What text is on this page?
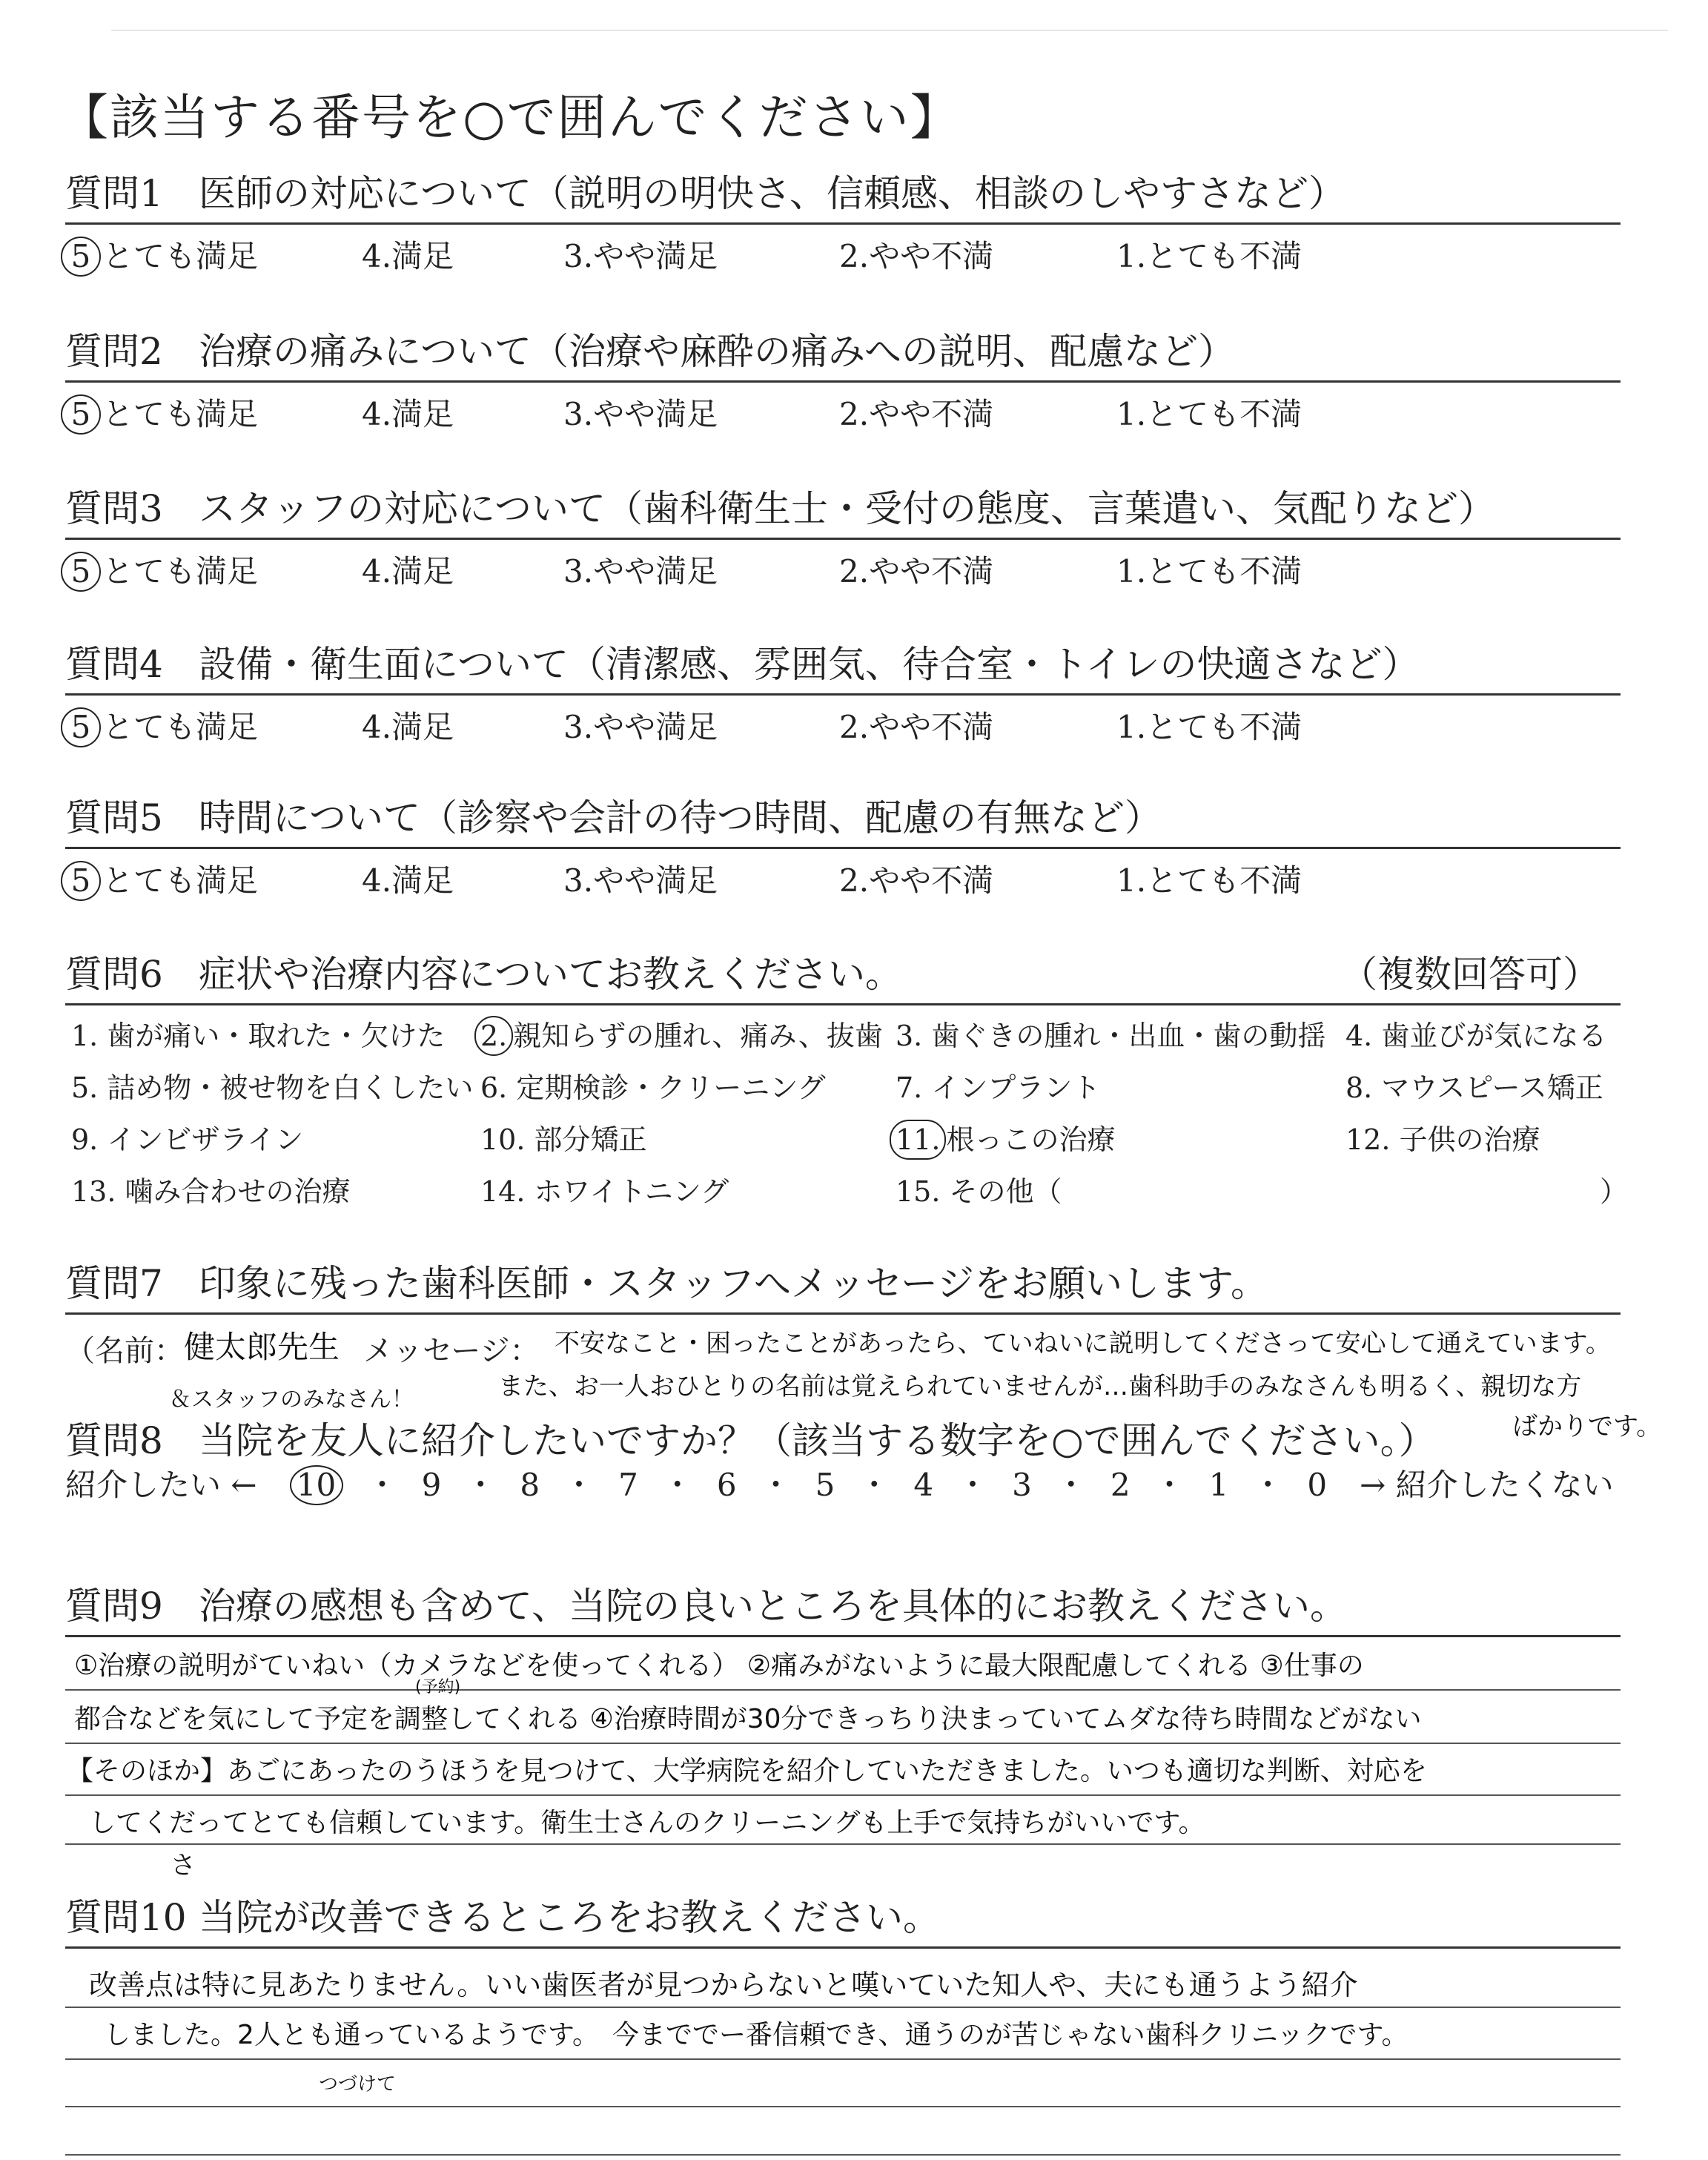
【該当する番号を○で囲んでください】
質問1 医師の対応について（説明の明快さ、信頼感、相談のしやすさなど）
5 とても満足	4.満足	3.やや満足	2.やや不満	1.とても不満
質問2 治療の痛みについて（治療や麻酔の痛みへの説明、配慮など）
5 とても満足	4.満足	3.やや満足	2.やや不満	1.とても不満
質問3 スタッフの対応について（歯科衛生士・受付の態度、言葉遣い、気配りなど）
5 とても満足	4.満足	3.やや満足	2.やや不満	1.とても不満
質問4 設備・衛生面について（清潔感、雰囲気、待合室・トイレの快適さなど）
5 とても満足	4.満足	3.やや満足	2.やや不満	1.とても不満
質問5 時間について（診察や会計の待つ時間、配慮の有無など）
5 とても満足	4.満足	3.やや満足	2.やや不満	1.とても不満
質問6 症状や治療内容についてお教えください。	（複数回答可）
1. 歯が痛い・取れた・欠けた 2. 親知らずの腫れ、痛み、抜歯 3. 歯ぐきの腫れ・出血・歯の動揺 4. 歯並びが気になる
5. 詰め物・被せ物を白くしたい 6. 定期検診・クリーニング 7. インプラント	8. マウスピース矯正
9. インビザライン	10. 部分矯正	11. 根っこの治療	12. 子供の治療
13. 噛み合わせの治療	14. ホワイトニング	15. その他（	）
質問7 印象に残った歯科医師・スタッフへメッセージをお願いします。
（名前： 健太郎先生
＆スタッフのみなさん！
メッセージ： 不安なこと・困ったことがあったら、ていねいに説明してくださって安心して通えています。
また、お一人おひとりの名前は覚えられていませんが…歯科助手のみなさんも明るく、親切な方
ばかりです。
質問8 当院を友人に紹介したいですか？（該当する数字を○で囲んでください。）
紹介したい ← 10 ・ 9 ・ 8 ・ 7 ・ 6 ・ 5 ・ 4 ・ 3 ・ 2 ・ 1 ・ 0 → 紹介したくない
質問9 治療の感想も含めて、当院の良いところを具体的にお教えください。
①治療の説明がていねい（カメラなどを使ってくれる） ②痛みがないように最大限配慮してくれる ③仕事の
都合などを気にして予定を調整してくれる ④治療時間が30分できっちり決まっていてムダな待ち時間などがない
(予約)
【そのほか】あごにあったのうほうを見つけて、大学病院を紹介していただきました。いつも適切な判断、対応を
してくだってとても信頼しています。衛生士さんのクリーニングも上手で気持ちがいいです。
さ
質問10 当院が改善できるところをお教えください。
改善点は特に見あたりません。いい歯医者が見つからないと嘆いていた知人や、夫にも通うよう紹介
しました。2人とも通っているようです。　今まででー番信頼でき、通うのが苦じゃない歯科クリニックです。
つづけて
